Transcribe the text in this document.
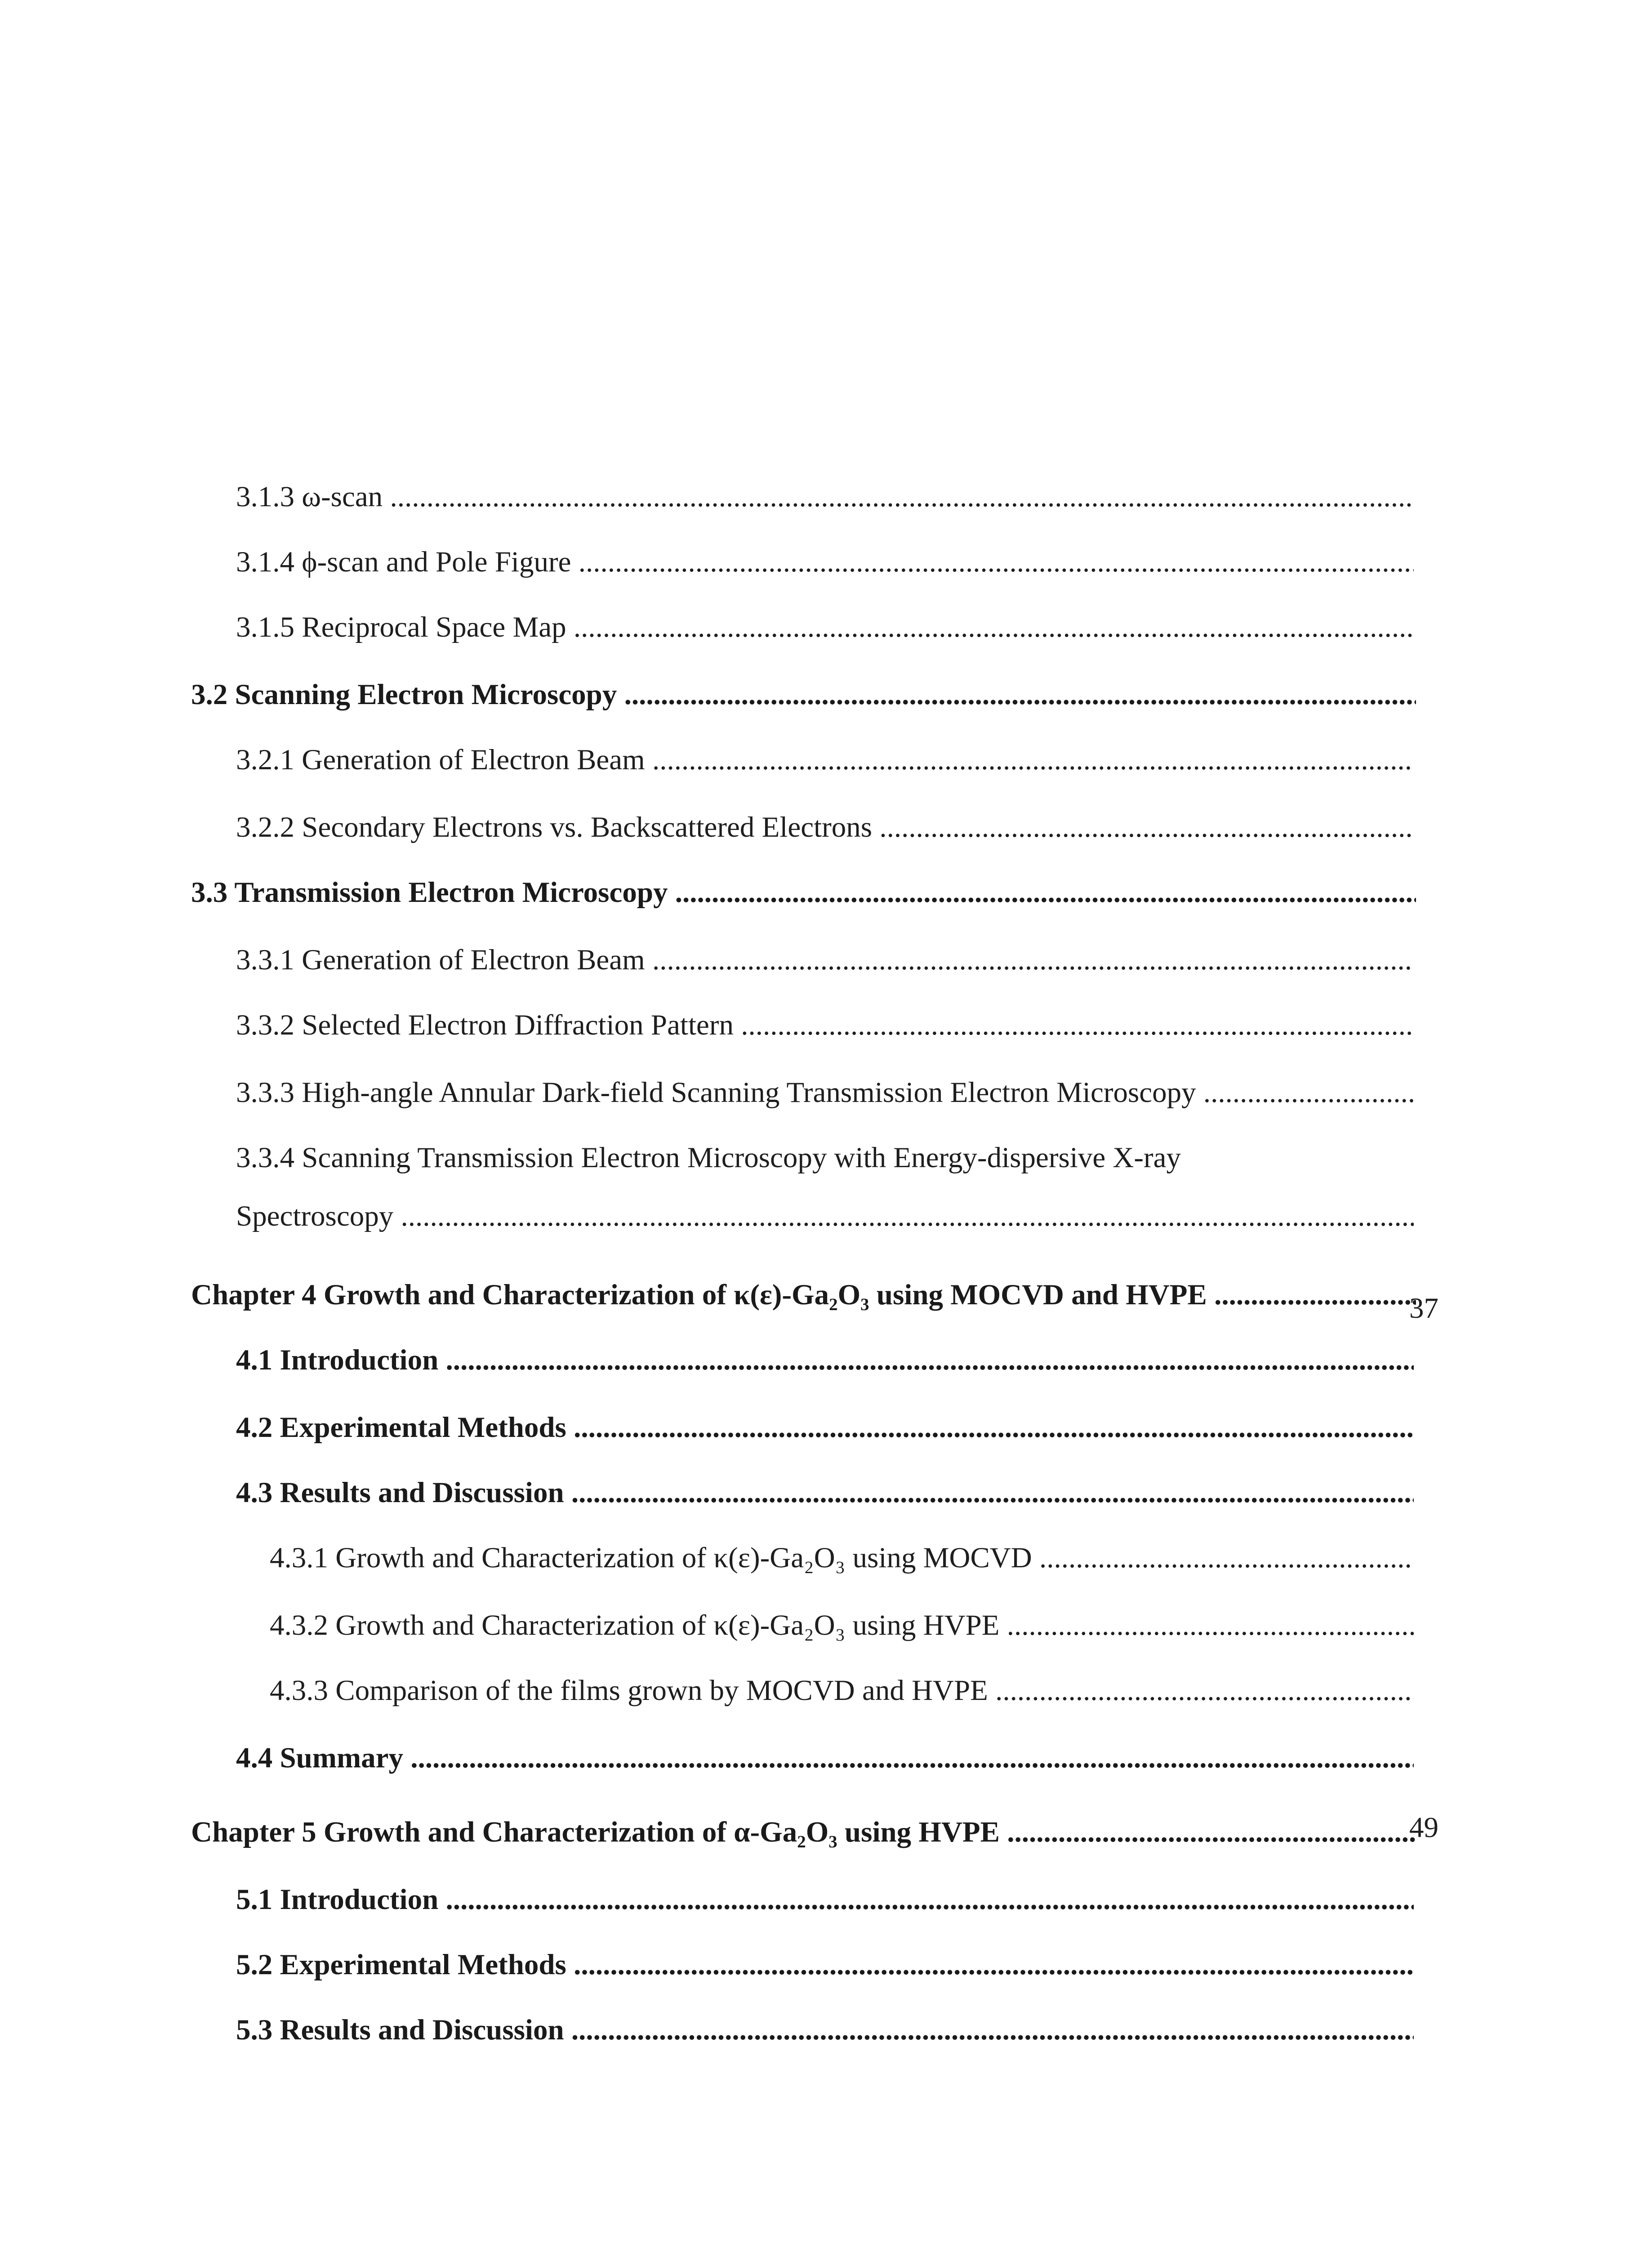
3.1.3 ω-scan .....
3.1.4 ϕ-scan and Pole Figure .....
3.1.5 Reciprocal Space Map .....
3.2 Scanning Electron Microscopy .....
3.2.1 Generation of Electron Beam .....
3.2.2 Secondary Electrons vs. Backscattered Electrons .....
3.3 Transmission Electron Microscopy .....
3.3.1 Generation of Electron Beam .....
3.3.2 Selected Electron Diffraction Pattern .....
3.3.3 High-angle Annular Dark-field Scanning Transmission Electron Microscopy .....
3.3.4 Scanning Transmission Electron Microscopy with Energy-dispersive X-ray
Spectroscopy .....
Chapter 4 Growth and Characterization of κ(ε)-Ga₂O₃ using MOCVD and HVPE .....	37
4.1 Introduction .....
4.2 Experimental Methods .....
4.3 Results and Discussion .....
4.3.1 Growth and Characterization of κ(ε)-Ga₂O₃ using MOCVD .....
4.3.2 Growth and Characterization of κ(ε)-Ga₂O₃ using HVPE .....
4.3.3 Comparison of the films grown by MOCVD and HVPE .....
4.4 Summary .....
Chapter 5 Growth and Characterization of α-Ga₂O₃ using HVPE .....	49
5.1 Introduction .....
5.2 Experimental Methods .....
5.3 Results and Discussion .....
